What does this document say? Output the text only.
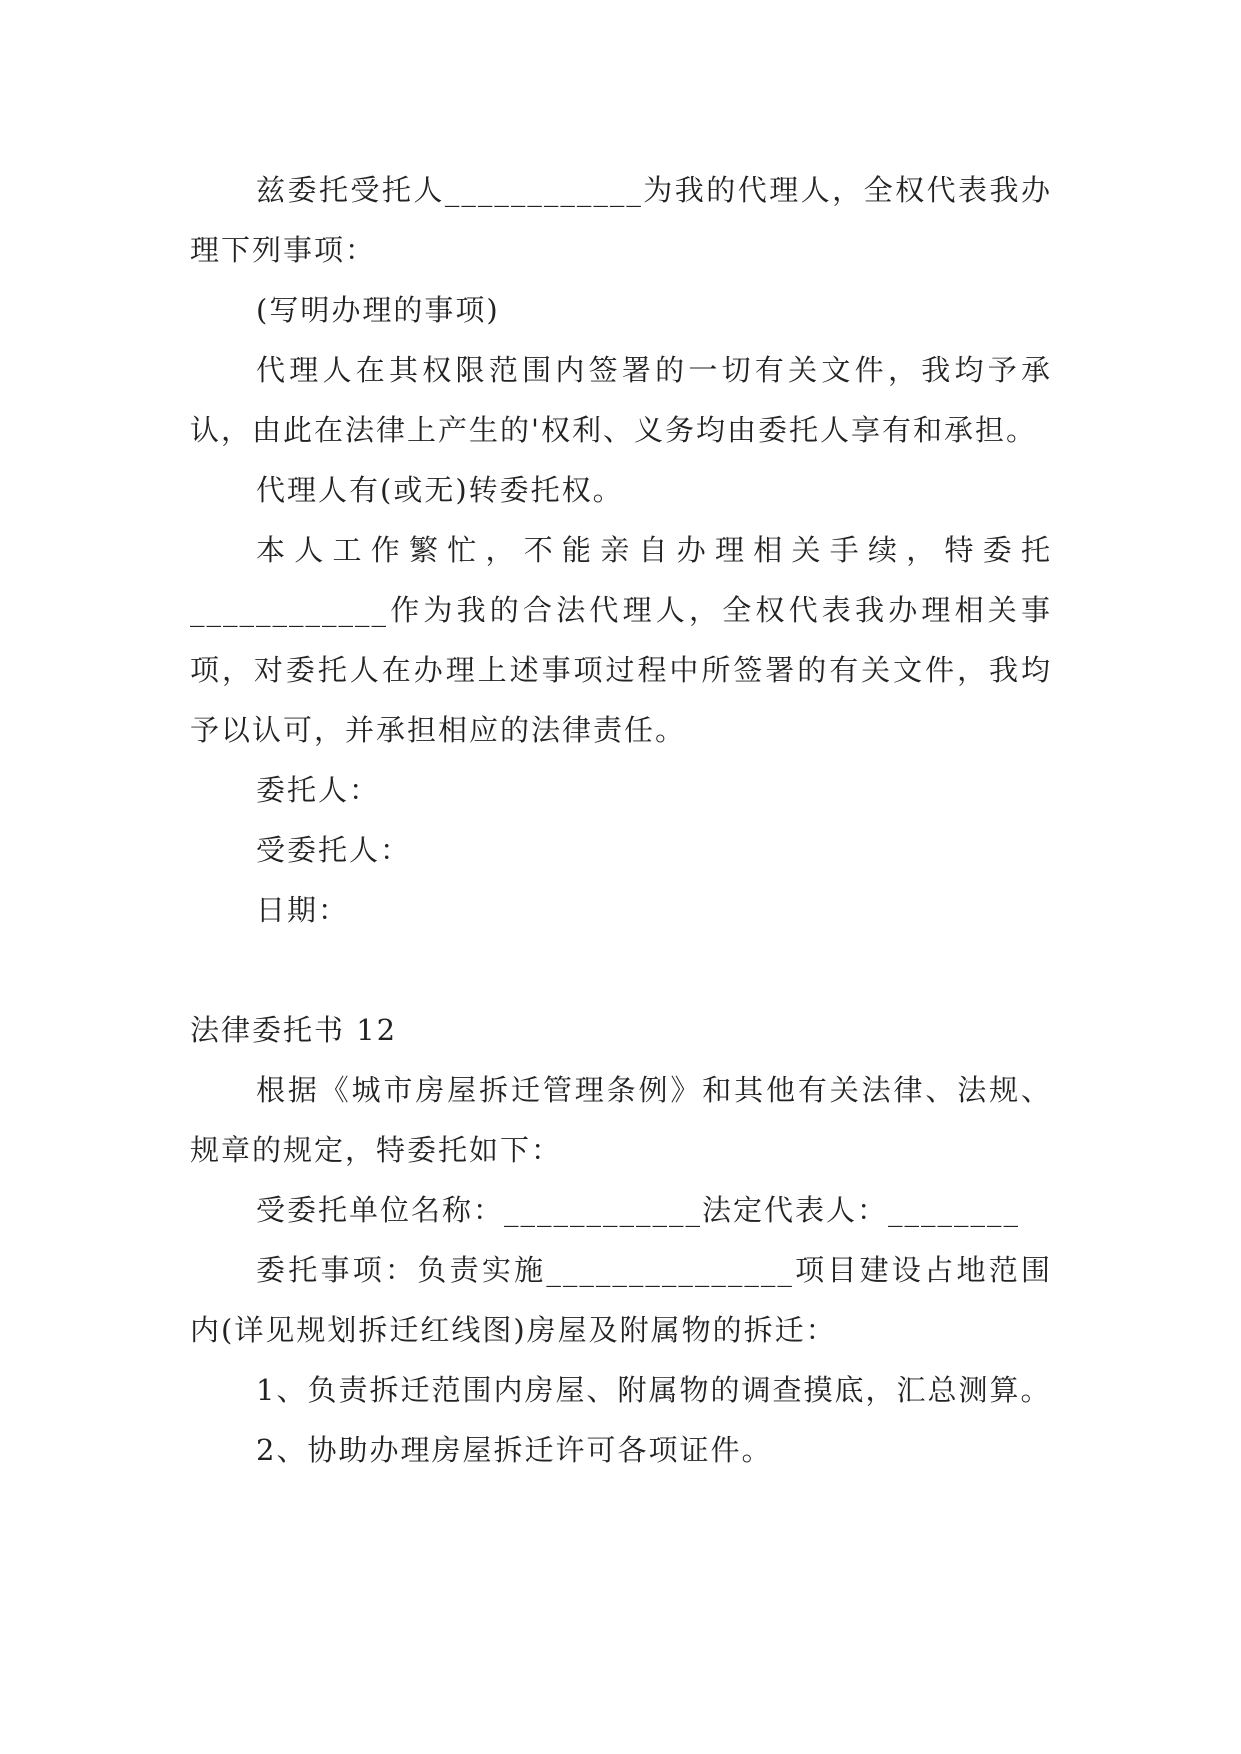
兹委托受托人____________为我的代理人，全权代表我办理下列事项：

(写明办理的事项)

代理人在其权限范围内签署的一切有关文件，我均予承认，由此在法律上产生的'权利、义务均由委托人享有和承担。

代理人有(或无)转委托权。

本人工作繁忙，不能亲自办理相关手续，特委托____________作为我的合法代理人，全权代表我办理相关事项，对委托人在办理上述事项过程中所签署的有关文件，我均予以认可，并承担相应的法律责任。

委托人：

受委托人：

日期：

法律委托书 12

根据《城市房屋拆迁管理条例》和其他有关法律、法规、规章的规定，特委托如下：

受委托单位名称：____________法定代表人：________

委托事项：负责实施_______________项目建设占地范围内(详见规划拆迁红线图)房屋及附属物的拆迁：

1、负责拆迁范围内房屋、附属物的调查摸底，汇总测算。

2、协助办理房屋拆迁许可各项证件。
